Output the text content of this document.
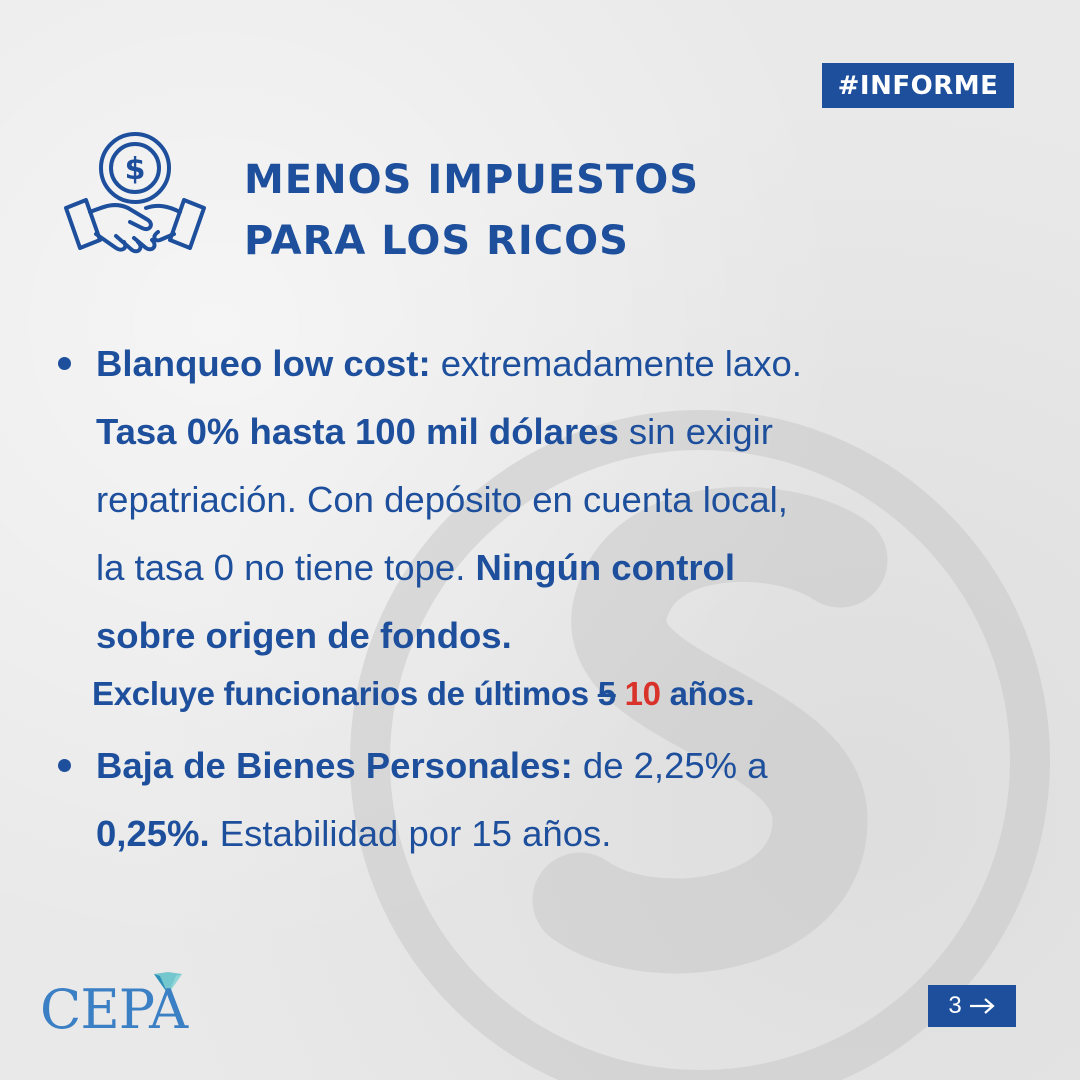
#INFORME
$ MENOS IMPUESTOS
PARA LOS RICOS
Blanqueo low cost: extremadamente laxo.
Tasa 0% hasta 100 mil dólares sin exigir
repatriación. Con depósito en cuenta local,
la tasa 0 no tiene tope. Ningún control
sobre origen de fondos.
Baja de Bienes Personales: de 2,25% a
0,25%. Estabilidad por 15 años.
Excluye funcionarios de últimos 5 10 años.
CEPA	3
